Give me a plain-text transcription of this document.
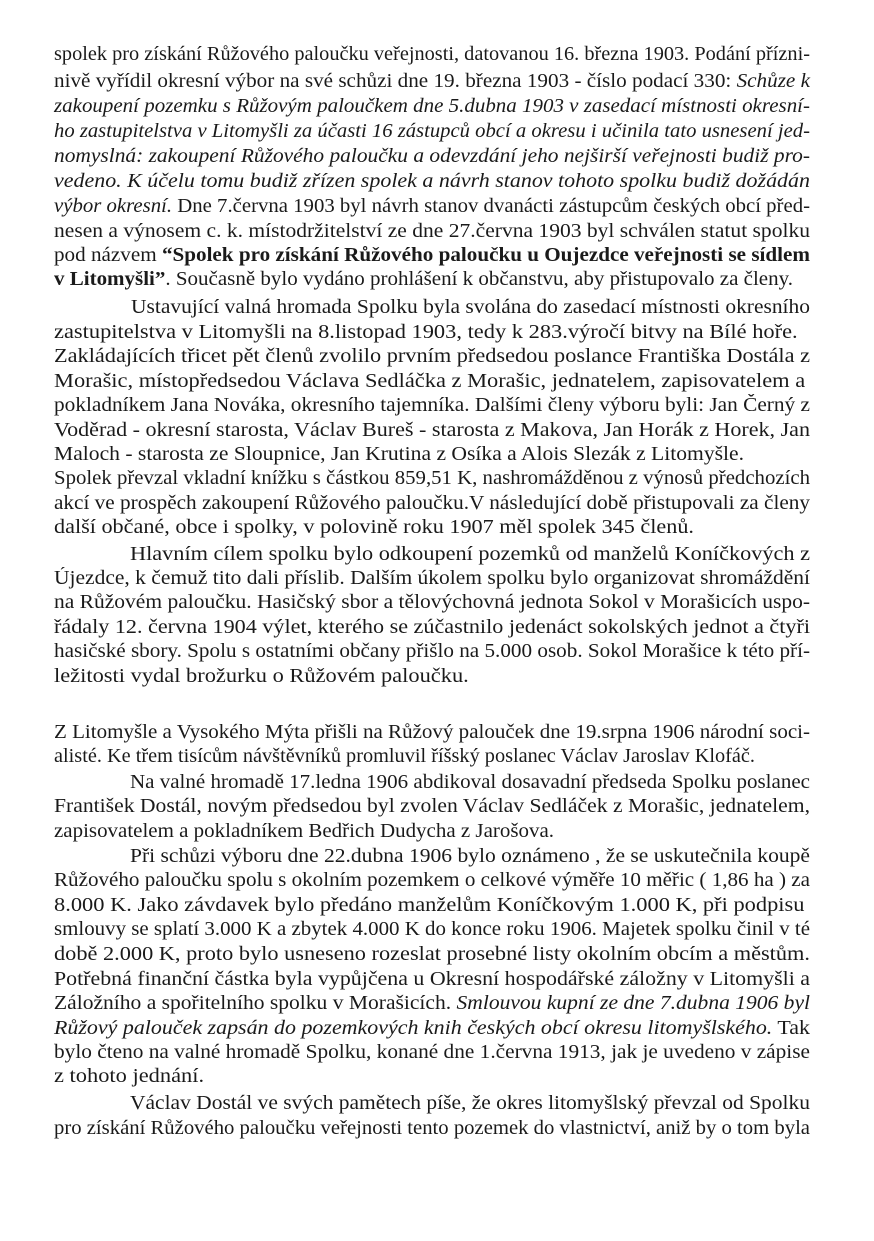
spolek pro získání Růžového paloučku veřejnosti, datovanou 16. března 1903. Podání přízni-
nivě vyřídil okresní výbor na své schůzi dne 19. března 1903 - číslo podací 330: Schůze k
zakoupení pozemku s Růžovým paloučkem dne 5.dubna 1903 v zasedací místnosti okresní-
ho zastupitelstva v Litomyšli za účasti 16 zástupců obcí a okresu i učinila tato usnesení jed-
nomyslná: zakoupení Růžového paloučku a odevzdání jeho nejširší veřejnosti budiž pro-
vedeno. K účelu tomu budiž zřízen spolek a návrh stanov tohoto spolku budiž dožádán
výbor okresní. Dne 7.června 1903 byl návrh stanov dvanácti zástupcům českých obcí před-
nesen a výnosem c. k. místodržitelství ze dne 27.června 1903 byl schválen statut spolku
pod názvem “Spolek pro získání Růžového paloučku u Oujezdce veřejnosti se sídlem
v Litomyšli”. Současně bylo vydáno prohlášení k občanstvu, aby přistupovalo za členy.
Ustavující valná hromada Spolku byla svolána do zasedací místnosti okresního
zastupitelstva v Litomyšli na 8.listopad 1903, tedy k 283.výročí bitvy na Bílé hoře.
Zakládajících třicet pět členů zvolilo prvním předsedou poslance Františka Dostála z
Morašic, místopředsedou Václava Sedláčka z Morašic, jednatelem, zapisovatelem a
pokladníkem Jana Nováka, okresního tajemníka. Dalšími členy výboru byli: Jan Černý z
Voděrad - okresní starosta, Václav Bureš - starosta z Makova, Jan Horák z Horek, Jan
Maloch - starosta ze Sloupnice, Jan Krutina z Osíka a Alois Slezák z Litomyšle.
Spolek převzal vkladní knížku s částkou 859,51 K, nashromážděnou z výnosů předchozích
akcí ve prospěch zakoupení Růžového paloučku.V následující době přistupovali za členy
další občané, obce i spolky, v polovině roku 1907 měl spolek 345 členů.
Hlavním cílem spolku bylo odkoupení pozemků od manželů Koníčkových z
Újezdce, k čemuž tito dali příslib. Dalším úkolem spolku bylo organizovat shromáždění
na Růžovém paloučku. Hasičský sbor a tělovýchovná jednota Sokol v Morašicích uspo-
řádaly 12. června 1904 výlet, kterého se zúčastnilo jedenáct sokolských jednot a čtyři
hasičské sbory. Spolu s ostatními občany přišlo na 5.000 osob. Sokol Morašice k této pří-
ležitosti vydal brožurku o Růžovém paloučku.
Z Litomyšle a Vysokého Mýta přišli na Růžový palouček dne 19.srpna 1906 národní soci-
alisté. Ke třem tisícům návštěvníků promluvil říšský poslanec Václav Jaroslav Klofáč.
Na valné hromadě 17.ledna 1906 abdikoval dosavadní předseda Spolku poslanec
František Dostál, novým předsedou byl zvolen Václav Sedláček z Morašic, jednatelem,
zapisovatelem a pokladníkem Bedřich Dudycha z Jarošova.
Při schůzi výboru dne 22.dubna 1906 bylo oznámeno , že se uskutečnila koupě
Růžového paloučku spolu s okolním pozemkem o celkové výměře 10 měřic ( 1,86 ha ) za
8.000 K. Jako závdavek bylo předáno manželům Koníčkovým 1.000 K, při podpisu
smlouvy se splatí 3.000 K a zbytek 4.000 K do konce roku 1906. Majetek spolku činil v té
době 2.000 K, proto bylo usneseno rozeslat prosebné listy okolním obcím a městům.
Potřebná finanční částka byla vypůjčena u Okresní hospodářské záložny v Litomyšli a
Záložního a spořitelního spolku v Morašicích. Smlouvou kupní ze dne 7.dubna 1906 byl
Růžový palouček zapsán do pozemkových knih českých obcí okresu litomyšlského. Tak
bylo čteno na valné hromadě Spolku, konané dne 1.června 1913, jak je uvedeno v zápise
z tohoto jednání.
Václav Dostál ve svých pamětech píše, že okres litomyšlský převzal od Spolku
pro získání Růžového paloučku veřejnosti tento pozemek do vlastnictví, aniž by o tom byla
